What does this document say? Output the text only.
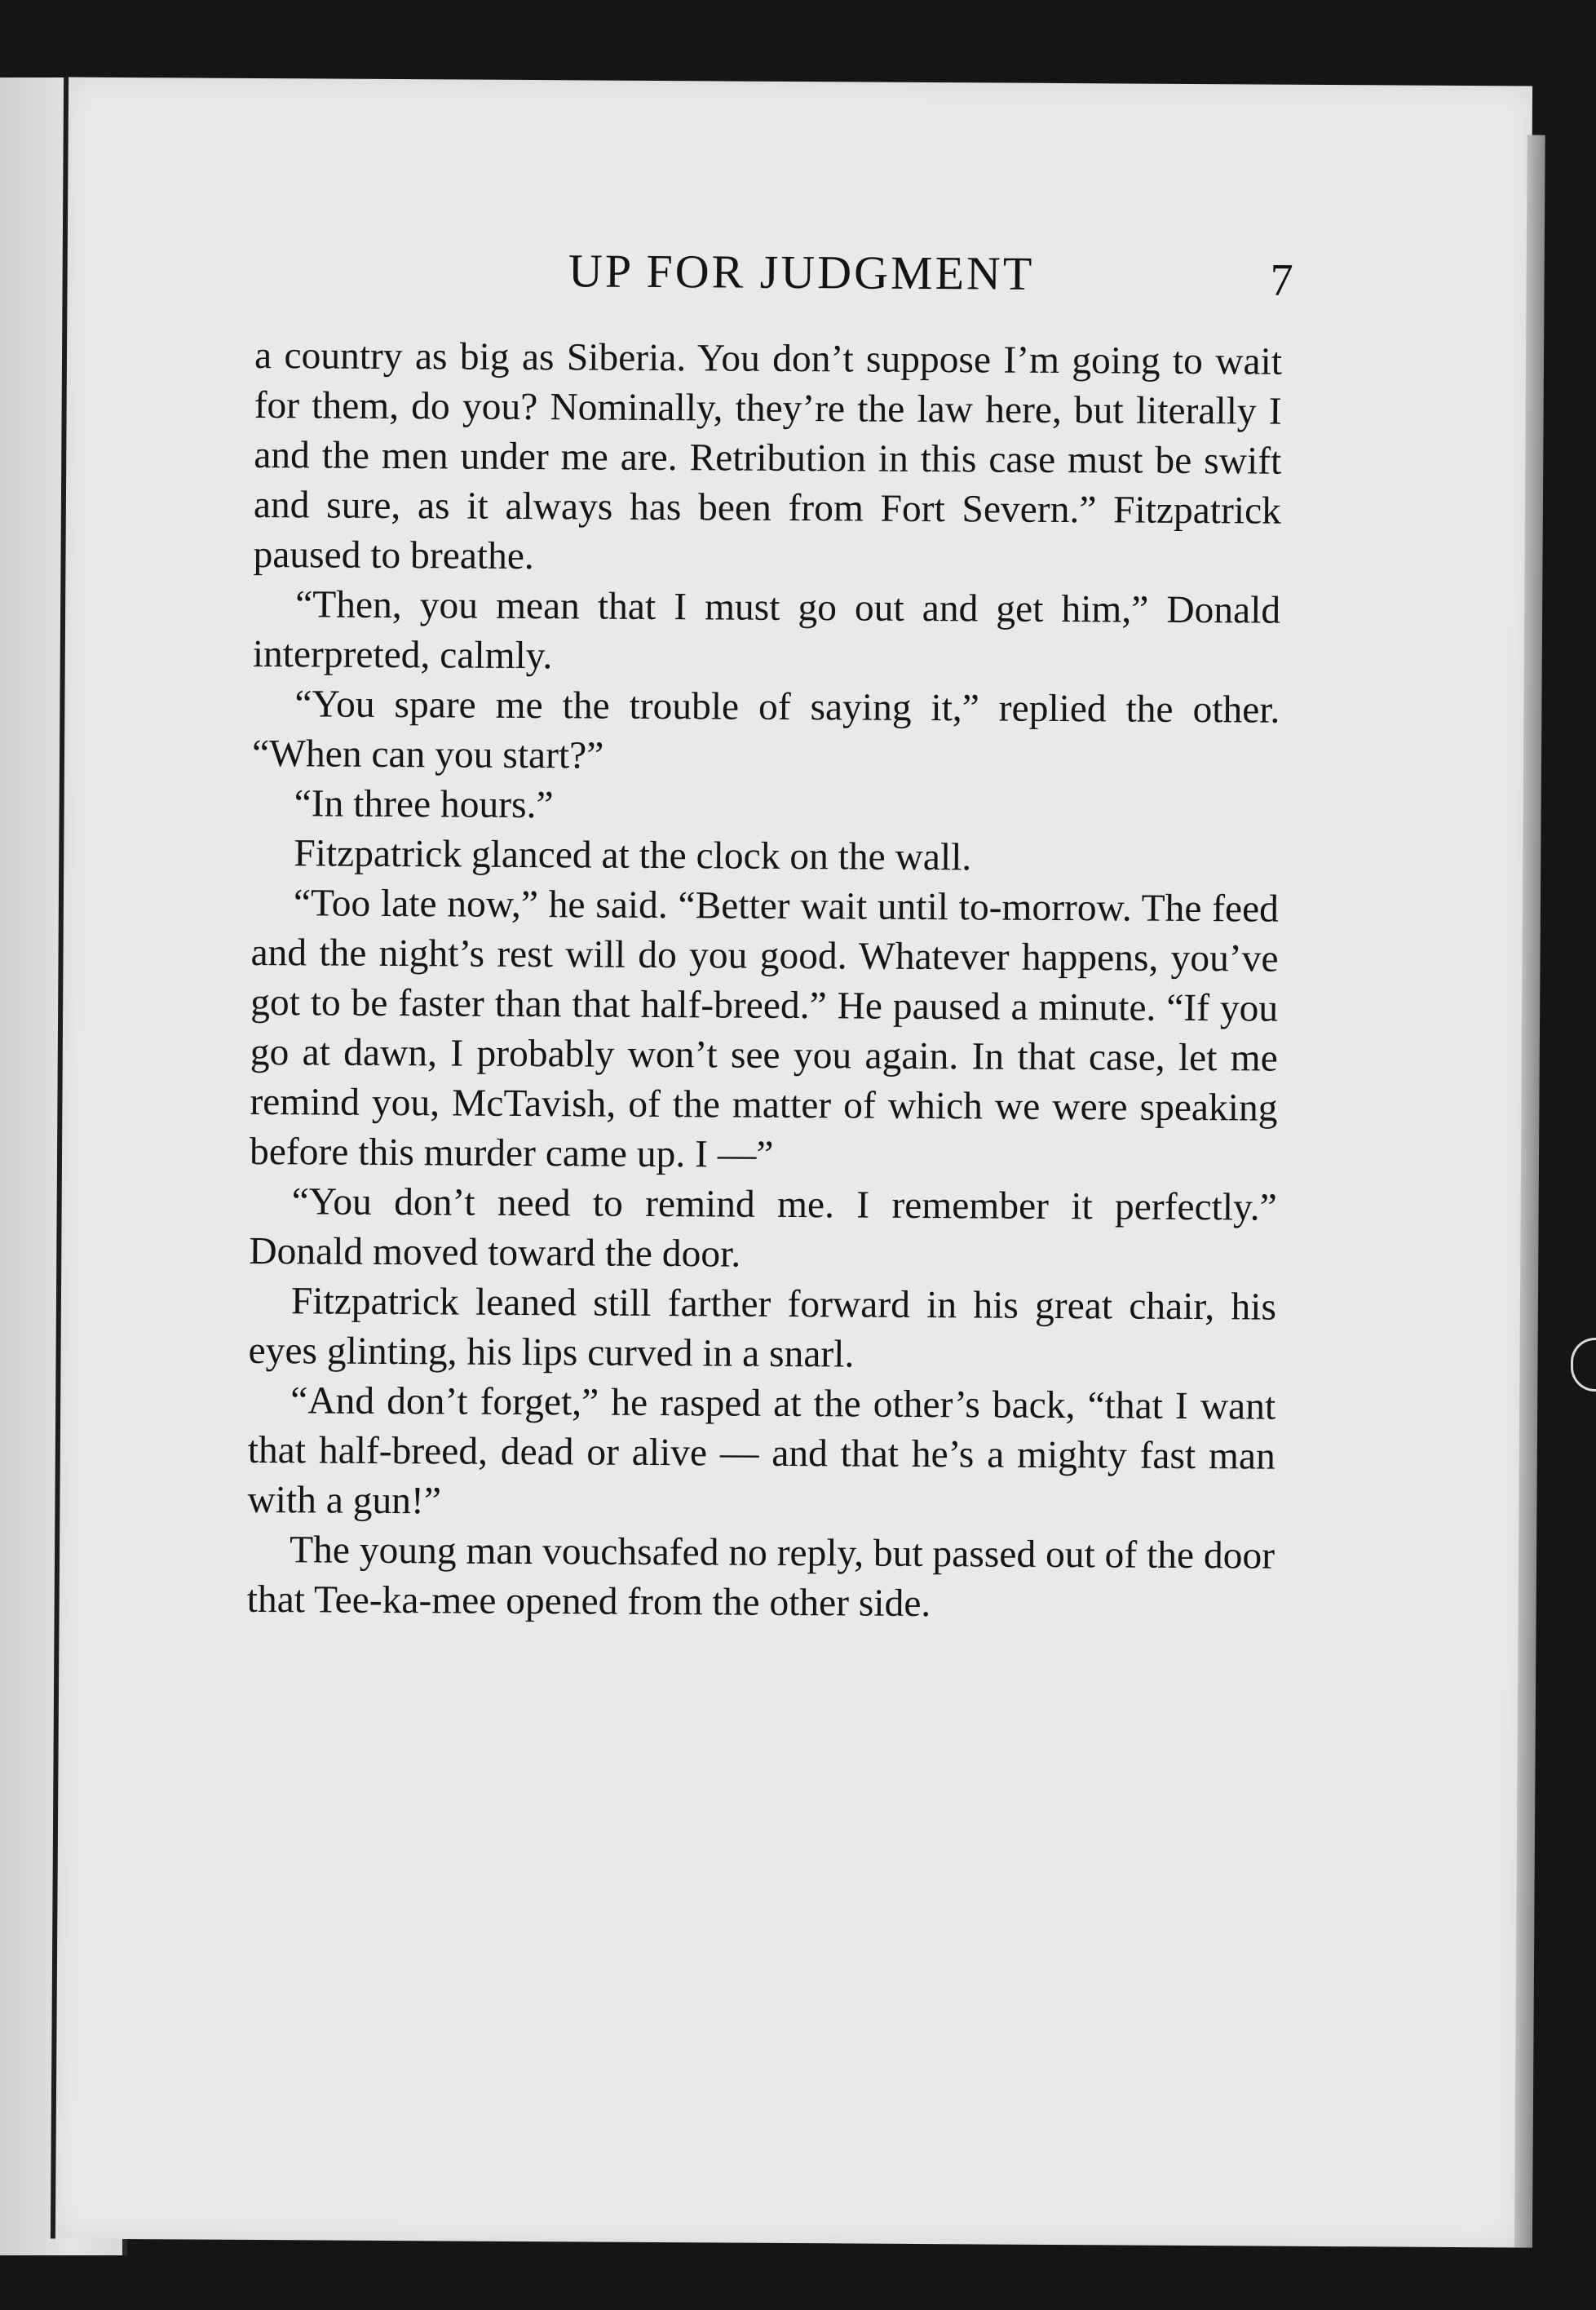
UP FOR JUDGMENT	7

a country as big as Siberia. You don’t suppose I’m going to wait for them, do you? Nominally, they’re the law here, but literally I and the men under me are. Retribution in this case must be swift and sure, as it always has been from Fort Severn.” Fitzpatrick paused to breathe.

“Then, you mean that I must go out and get him,” Donald interpreted, calmly.

“You spare me the trouble of saying it,” replied the other. “When can you start?”

“In three hours.”

Fitzpatrick glanced at the clock on the wall.

“Too late now,” he said. “Better wait until to-morrow. The feed and the night’s rest will do you good. Whatever happens, you’ve got to be faster than that half-breed.” He paused a minute. “If you go at dawn, I probably won’t see you again. In that case, let me remind you, McTavish, of the matter of which we were speaking before this murder came up. I —”

“You don’t need to remind me. I remember it perfectly.” Donald moved toward the door.

Fitzpatrick leaned still farther forward in his great chair, his eyes glinting, his lips curved in a snarl.

“And don’t forget,” he rasped at the other’s back, “that I want that half-breed, dead or alive — and that he’s a mighty fast man with a gun!”

The young man vouchsafed no reply, but passed out of the door that Tee-ka-mee opened from the other side.
